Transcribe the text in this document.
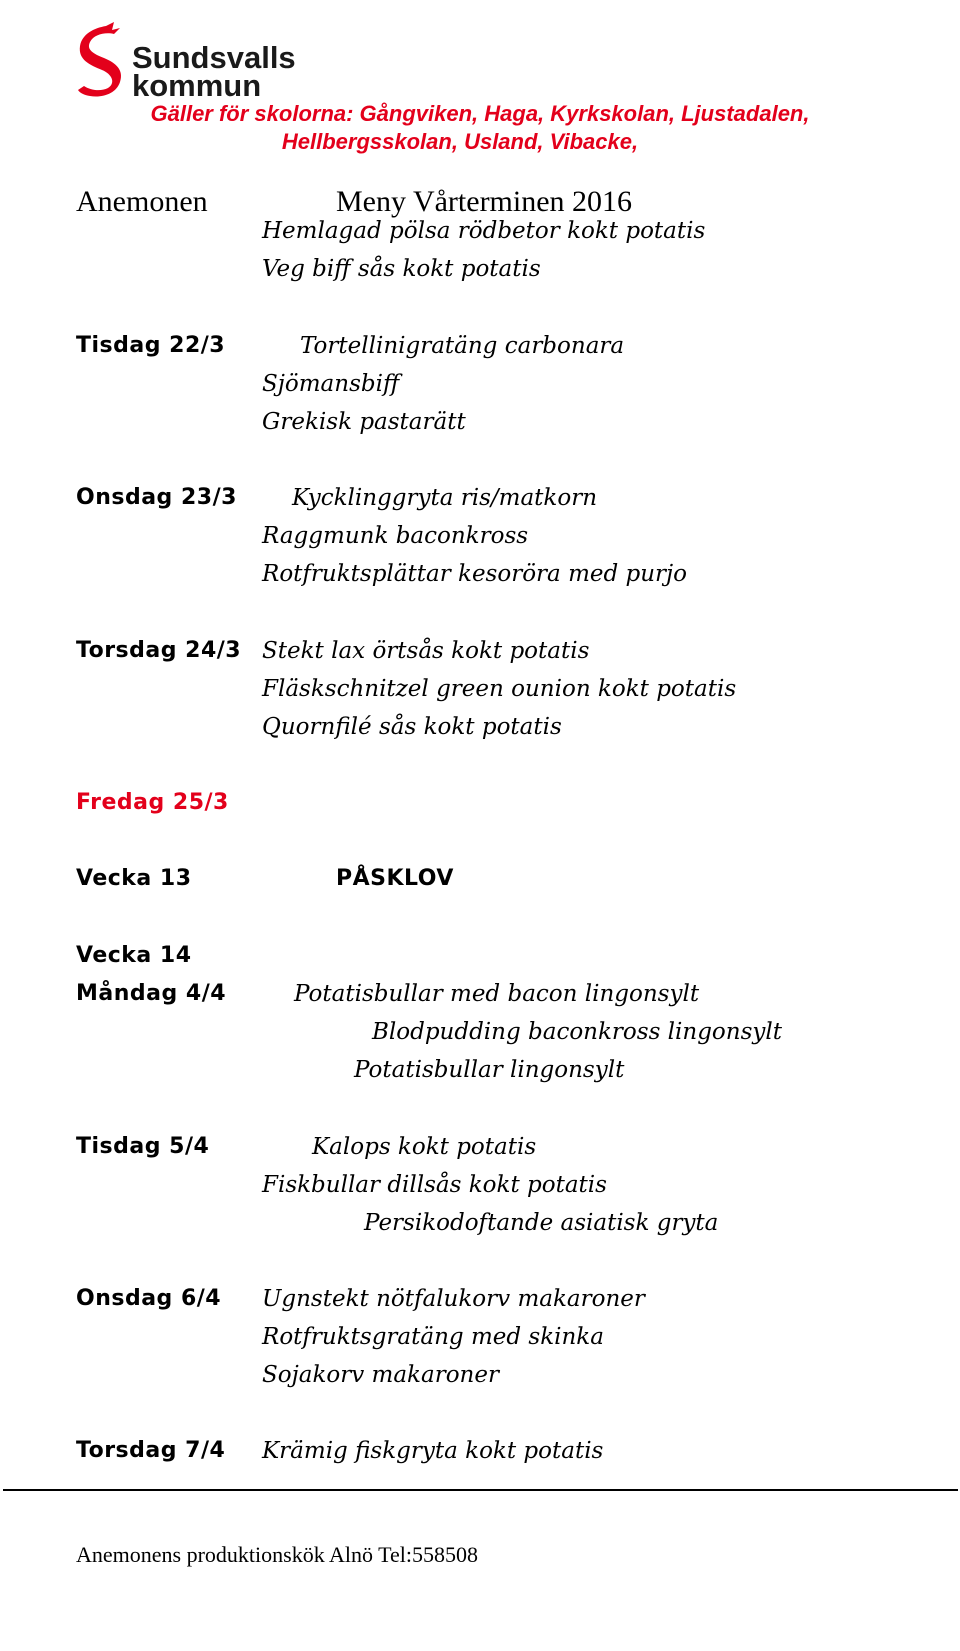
Sundsvalls
kommun
Gäller för skolorna: Gångviken, Haga, Kyrkskolan, Ljustadalen,
Hellbergsskolan, Usland, Vibacke,
Anemonen	Meny Vårterminen 2016
Hemlagad pölsa rödbetor kokt potatis
Veg biff sås kokt potatis
Tisdag 22/3	Tortellinigratäng carbonara
Sjömansbiff
Grekisk pastarätt
Onsdag 23/3 Kycklinggryta ris/matkorn
Raggmunk baconkross
Rotfruktsplättar kesoröra med purjo
Torsdag 24/3 Stekt lax örtsås kokt potatis
Fläskschnitzel green ounion kokt potatis
Quornfilé sås kokt potatis
Fredag 25/3
Vecka 13	PÅSKLOV
Vecka 14
Måndag 4/4	Potatisbullar med bacon lingonsylt
Blodpudding baconkross lingonsylt
Potatisbullar lingonsylt
Tisdag 5/4	Kalops kokt potatis
Fiskbullar dillsås kokt potatis
Persikodoftande asiatisk gryta
Onsdag 6/4 Ugnstekt nötfalukorv makaroner
Rotfruktsgratäng med skinka
Sojakorv makaroner
Torsdag 7/4 Krämig fiskgryta kokt potatis
Anemonens produktionskök Alnö Tel:558508
